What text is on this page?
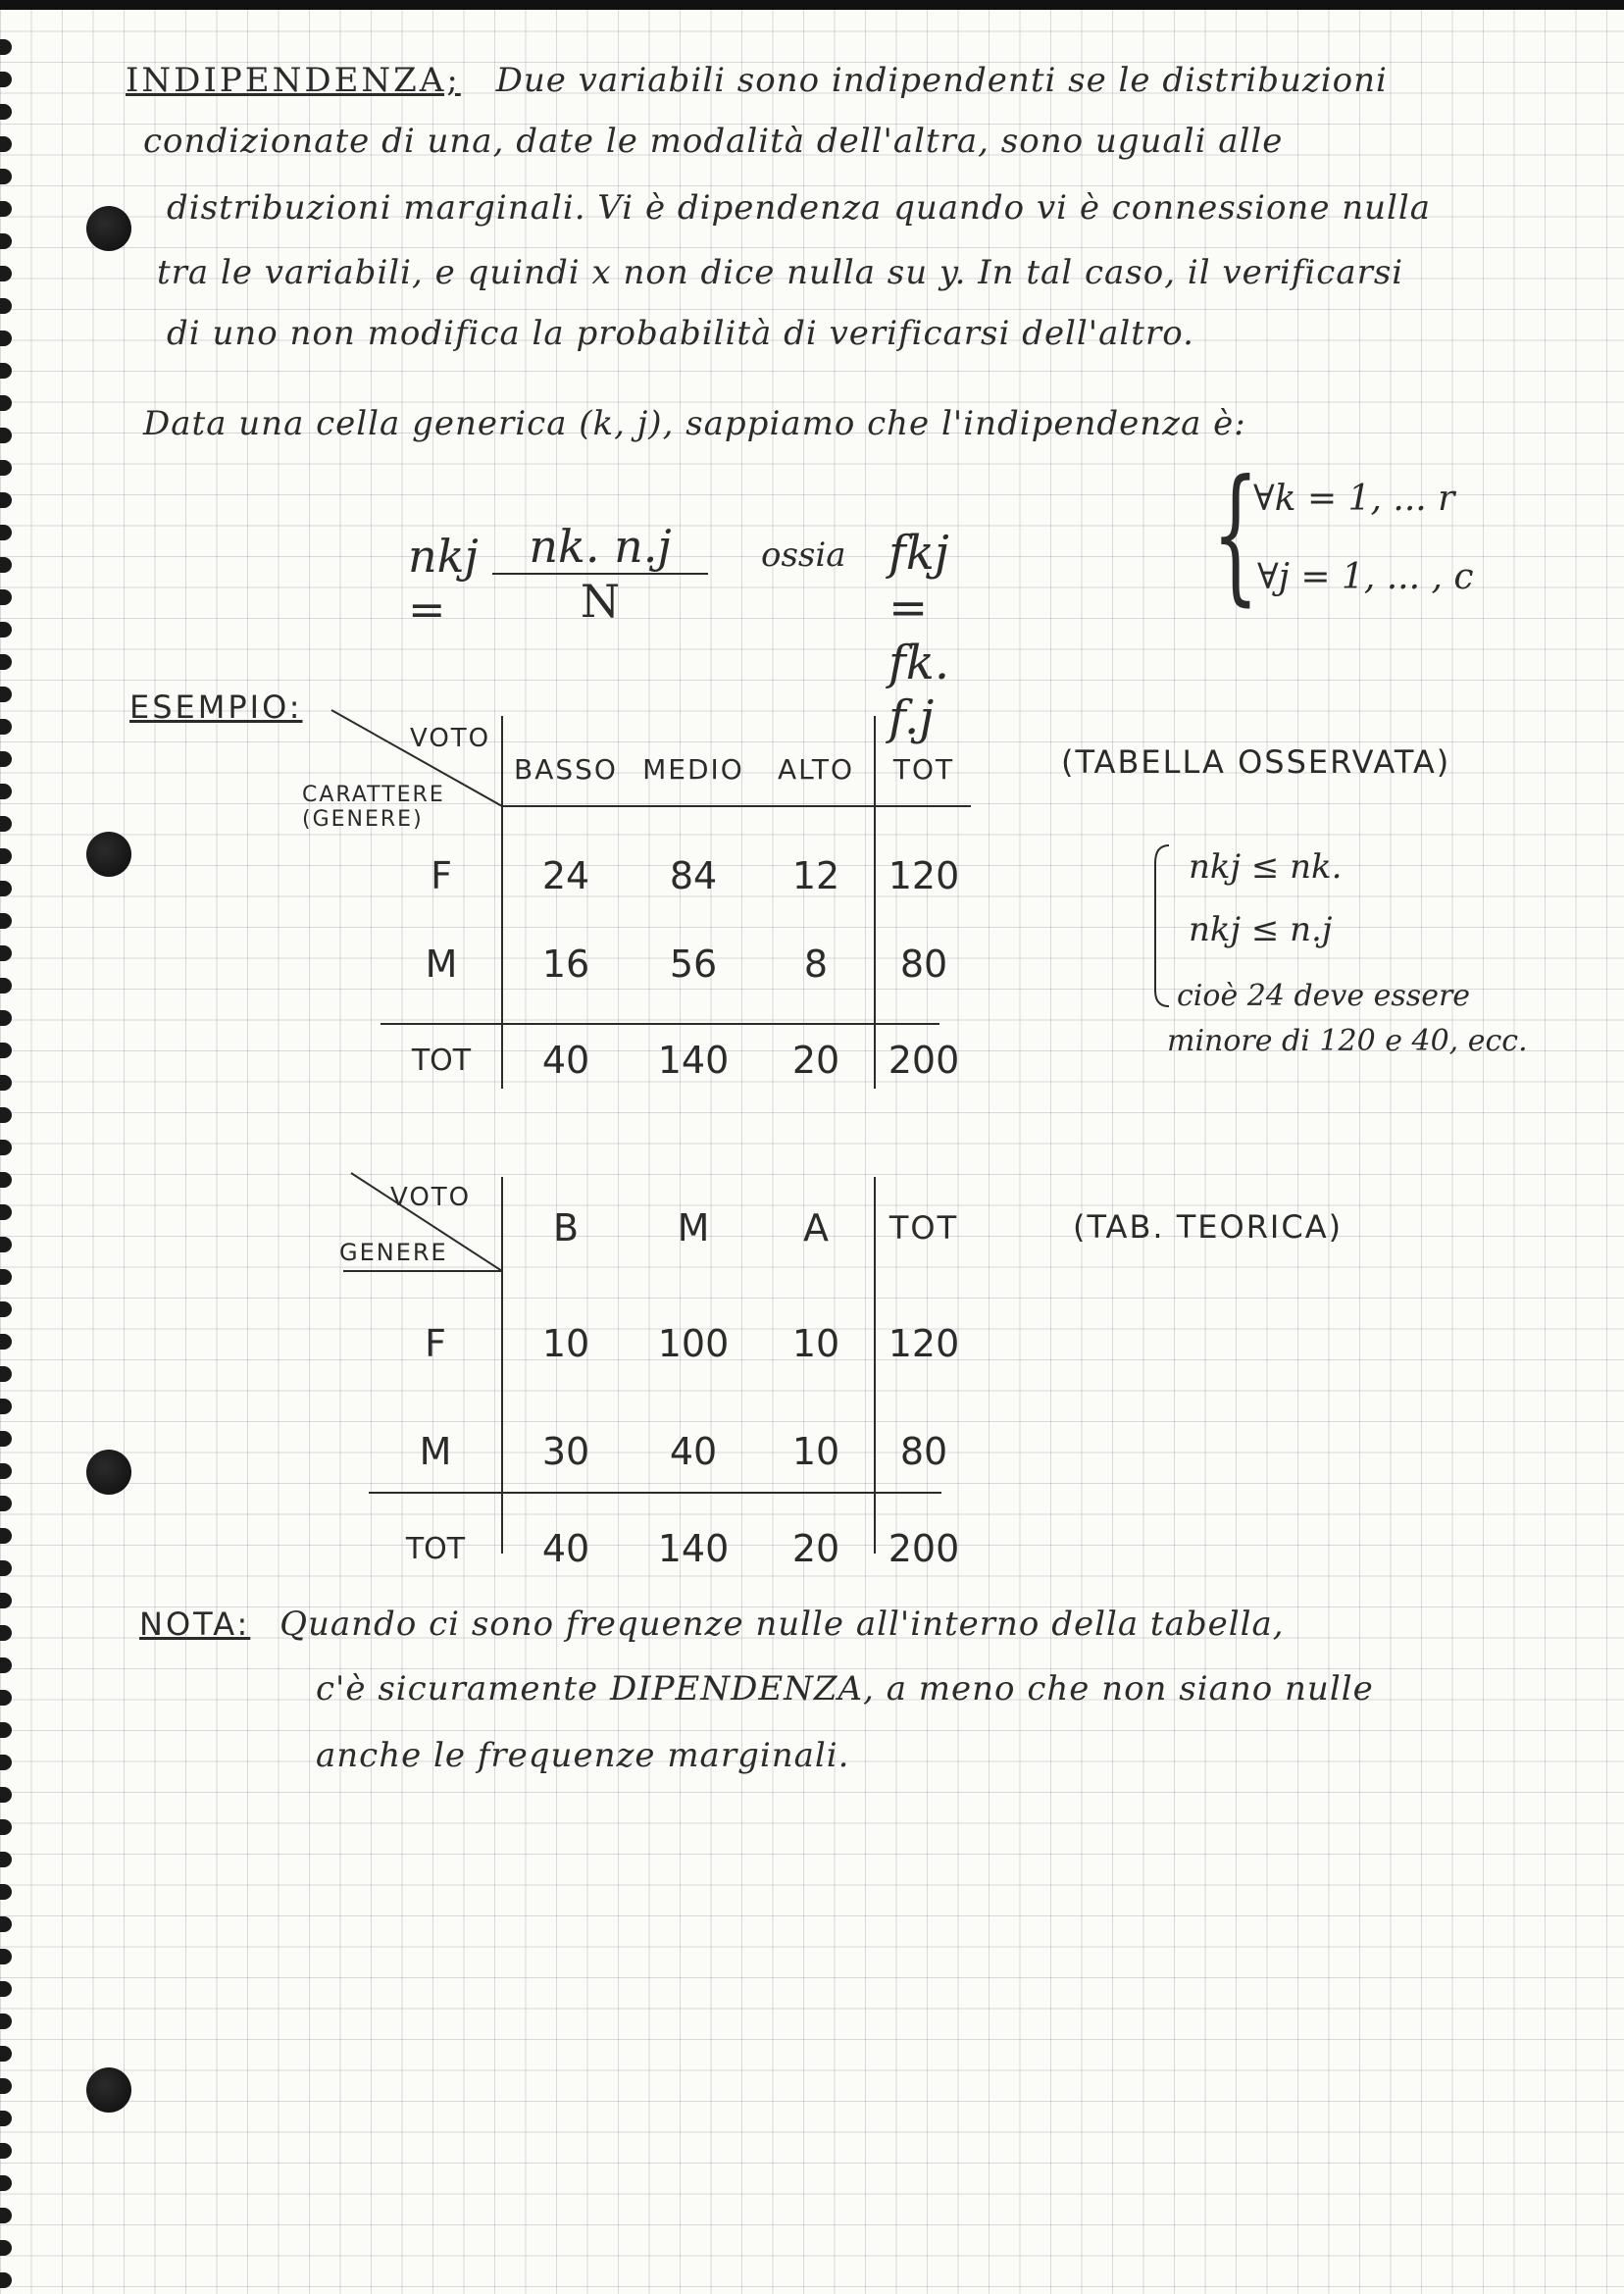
INDIPENDENZA; Due variabili sono indipendenti se le distribuzioni
condizionate di una, date le modalità dell'altra, sono uguali alle
distribuzioni marginali. Vi è dipendenza quando vi è connessione nulla
tra le variabili, e quindi x non dice nulla su y. In tal caso, il verificarsi
di uno non modifica la probabilità di verificarsi dell'altro.
Data una cella generica (k, j), sappiamo che l'indipendenza è:
nkj =	$\frac{nk. n.j}{N}$ ossia fkj = fk. f.j
{
∀k = 1, ... r
∀j = 1, ... , c
ESEMPIO:
VOTO
CARATTERE
(GENERE)
	BASSO	MEDIO	ALTO	TOT

F	24	84	12	120
M	16	56	8	80
TOT	40	140	20	200
(TABELLA OSSERVATA)
nkj ≤ nk.
nkj ≤ n.j
cioè 24 deve essere
minore di 120 e 40, ecc.
VOTO
GENERE
	B	M	A	TOT

F	10	100	10	120
M	30	40	10	80
TOT	40	140	20	200
(TAB. TEORICA)
NOTA: Quando ci sono frequenze nulle all'interno della tabella,
c'è sicuramente DIPENDENZA, a meno che non siano nulle
anche le frequenze marginali.
